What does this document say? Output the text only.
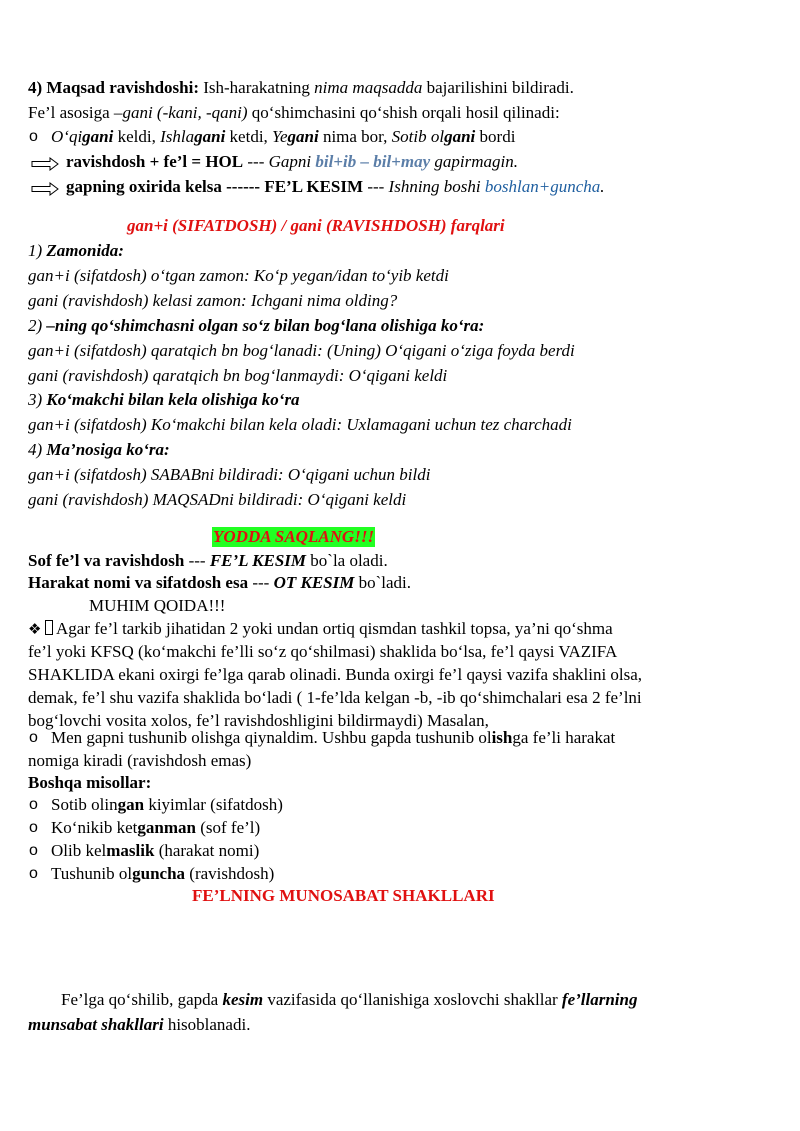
4) Maqsad ravishdoshi: Ish-harakatning nima maqsadda bajarilishini bildiradi.
Fe’l asosiga –gani (-kani, -qani) qo‘shimchasini qo‘shish orqali hosil qilinadi:
o O‘qigani keldi, Ishlagani ketdi, Yegani nima bor, Sotib olgani bordi
ravishdosh + fe’l = HOL --- Gapni bil+ib – bil+may gapirmagin.
gapning oxirida kelsa ------ FE’L KESIM --- Ishning boshi boshlan+guncha.
gan+i (SIFATDOSH) / gani (RAVISHDOSH) farqlari
1) Zamonida:
gan+i (sifatdosh) o‘tgan zamon: Ko‘p yegan/idan to‘yib ketdi
gani (ravishdosh) kelasi zamon: Ichgani nima olding?
2) –ning qo‘shimchasni olgan so‘z bilan bog‘lana olishiga ko‘ra:
gan+i (sifatdosh) qaratqich bn bog‘lanadi: (Uning) O‘qigani o‘ziga foyda berdi
gani (ravishdosh) qaratqich bn bog‘lanmaydi: O‘qigani keldi
3) Ko‘makchi bilan kela olishiga ko‘ra
gan+i (sifatdosh) Ko‘makchi bilan kela oladi: Uxlamagani uchun tez charchadi
4) Ma’nosiga ko‘ra:
gan+i (sifatdosh) SABABni bildiradi: O‘qigani uchun bildi
gani (ravishdosh) MAQSADni bildiradi: O‘qigani keldi
YODDA SAQLANG!!!
Sof fe’l va ravishdosh --- FE’L KESIM bo`la oladi.
Harakat nomi va sifatdosh esa --- OT KESIM bo`ladi.
MUHIM QOIDA!!!
❖ Agar fe’l tarkib jihatidan 2 yoki undan ortiq qismdan tashkil topsa, ya’ni qo‘shma
fe’l yoki KFSQ (ko‘makchi fe’lli so‘z qo‘shilmasi) shaklida bo‘lsa, fe’l qaysi VAZIFA
SHAKLIDA ekani oxirgi fe’lga qarab olinadi. Bunda oxirgi fe’l qaysi vazifa shaklini olsa,
demak, fe’l shu vazifa shaklida bo‘ladi ( 1-fe’lda kelgan -b, -ib qo‘shimchalari esa 2 fe’lni
bog‘lovchi vosita xolos, fe’l ravishdoshligini bildirmaydi) Masalan,
o Men gapni tushunib olishga qiynaldim. Ushbu gapda tushunib olishga fe’li harakat
nomiga kiradi (ravishdosh emas)
Boshqa misollar:
o Sotib olingan kiyimlar (sifatdosh)
o Ko‘nikib ketganman (sof fe’l)
o Olib kelmaslik (harakat nomi)
o Tushunib olguncha (ravishdosh)
FE’LNING MUNOSABAT SHAKLLARI
Fe’lga qo‘shilib, gapda kesim vazifasida qo‘llanishiga xoslovchi shakllar fe’llarning
munsabat shakllari hisoblanadi.
